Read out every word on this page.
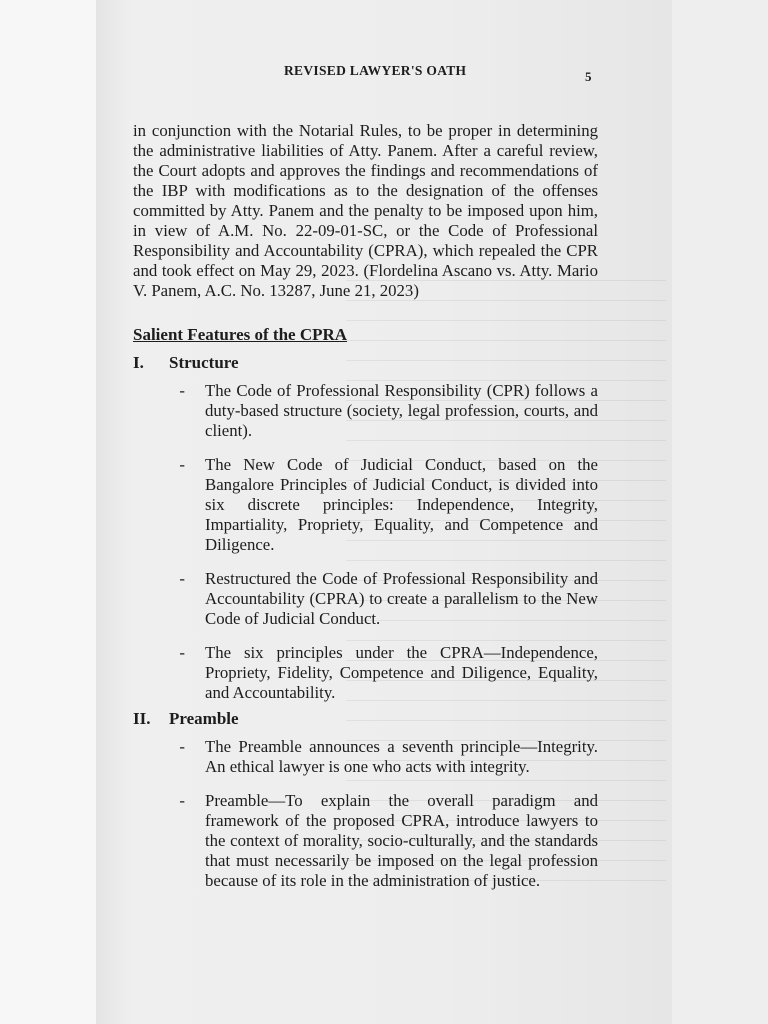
REVISED LAWYER'S OATH	5

in conjunction with the Notarial Rules, to be proper in determining the administrative liabilities of Atty. Panem. After a careful review, the Court adopts and approves the findings and recommendations of the IBP with modifications as to the designation of the offenses committed by Atty. Panem and the penalty to be imposed upon him, in view of A.M. No. 22-09-01-SC, or the Code of Professional Responsibility and Accountability (CPRA), which repealed the CPR and took effect on May 29, 2023. (Flordelina Ascano vs. Atty. Mario V. Panem, A.C. No. 13287, June 21, 2023)

Salient Features of the CPRA
I.	Structure
-	The Code of Professional Responsibility (CPR) follows a duty-based structure (society, legal profession, courts, and client).
-	The New Code of Judicial Conduct, based on the Bangalore Principles of Judicial Conduct, is divided into six discrete principles: Independence, Integrity, Impartiality, Propriety, Equality, and Competence and Diligence.
-	Restructured the Code of Professional Responsibility and Accountability (CPRA) to create a parallelism to the New Code of Judicial Conduct.
-	The six principles under the CPRA—Independence, Propriety, Fidelity, Competence and Diligence, Equality, and Accountability.
II.	Preamble
-	The Preamble announces a seventh principle—Integrity. An ethical lawyer is one who acts with integrity.
-	Preamble—To explain the overall paradigm and framework of the proposed CPRA, introduce lawyers to the context of morality, socio-culturally, and the standards that must necessarily be imposed on the legal profession because of its role in the administration of justice.
